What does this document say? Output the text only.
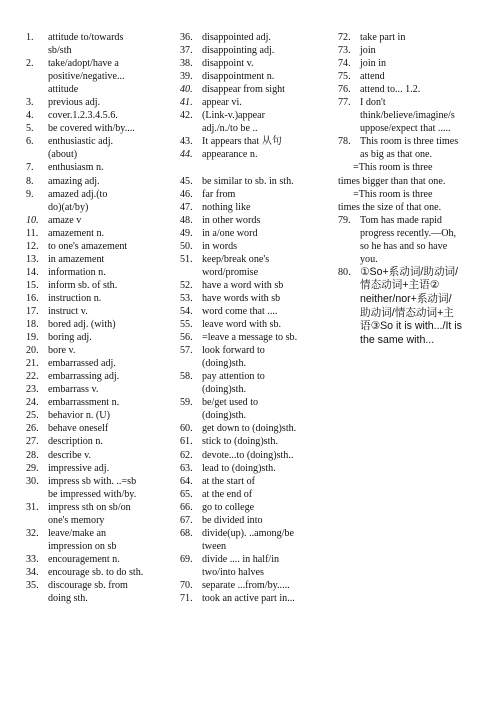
1.	attitude to/towards
sb/sth
2.	take/adopt/have a
positive/negative...
attitude
3.	previous adj.
4.	cover.1.2.3.4.5.6.
5.	be covered with/by....
6.	enthusiastic adj.
(about)
7.	enthusiasm n.
8.	amazing adj.
9.	amazed adj.(to
do)(at/by)
10. amaze v
11. amazement n.
12. to one's amazement
13. in amazement
14. information n.
15. inform sb. of sth.
16. instruction n.
17. instruct v.
18. bored adj. (with)
19. boring adj.
20. bore v.
21. embarrassed adj.
22. embarrassing adj.
23. embarrass v.
24. embarrassment n.
25. behavior n. (U)
26. behave oneself
27. description n.
28. describe v.
29. impressive adj.
30. impress sb with. ..=sb
be impressed with/by.
31. impress sth on sb/on
one's memory
32. leave/make an
impression on sb
33. encouragement n.
34. encourage sb. to do sth.
35. discourage sb. from
doing sth.
36. disappointed adj.
37. disappointing adj.
38. disappoint v.
39. disappointment n.
40. disappear from sight
41. appear vi.
42. (Link-v.)appear
adj./n./to be ..
43. It appears that 从句
44. appearance n.
45. be similar to sb. in sth.
46. far from
47. nothing like
48. in other words
49. in a/one word
50. in words
51. keep/break one's
word/promise
52. have a word with sb
53. have words with sb
54. word come that ....
55. leave word with sb.
56. =leave a message to sb.
57. look forward to
(doing)sth.
58. pay attention to
(doing)sth.
59. be/get used to
(doing)sth.
60. get down to (doing)sth.
61. stick to (doing)sth.
62. devote...to (doing)sth..
63. lead to (doing)sth.
64. at the start of
65. at the end of
66. go to college
67. be divided into
68. divide(up). ..among/be
tween
69. divide .... in half/in
two/into halves
70. separate ...from/by.....
71. took an active part in...
72. take part in
73. join
74. join in
75. attend
76. attend to... 1.2.
77. I don't
think/believe/imagine/s
uppose/expect that .....
78. This room is three times
as big as that one.
=This room is three
times bigger than that one.
=This room is three
times the size of that one.
79. Tom has made rapid
progress recently.—Oh,
so he has and so have
you.
80. ①So+系动词/助动词/
情态动词+主语②
neither/nor+系动词/
助动词/情态动词+主
语③So it is with.../It is
the same with...
